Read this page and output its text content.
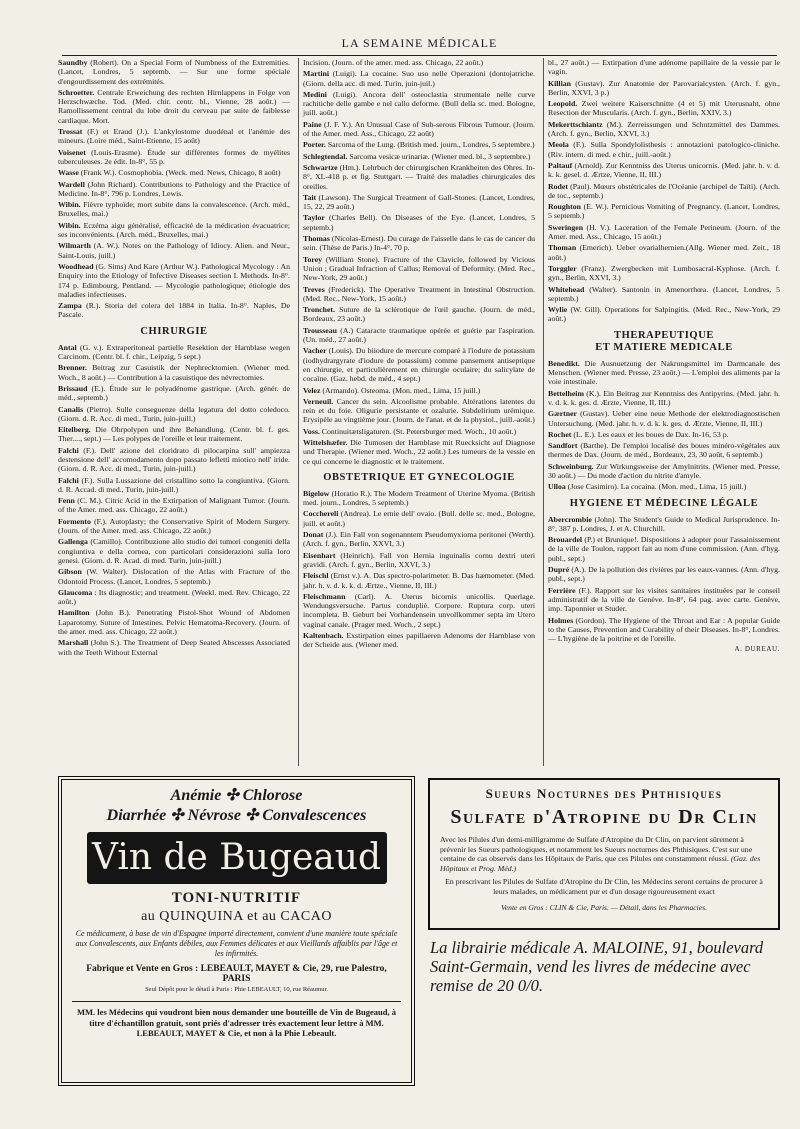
LA SEMAINE MÉDICALE
Saundby (Robert). On a Special Form of Numbness of the Extremities. (Lancet, Londres, 5 septemb. — Sur une forme spéciale d'engourdissement des extrémités.
Schroetter. Centrale Erweichung des rechten Hirnlappens in Folge von Herzschwæche. Tod. (Med. chir. centr. bl., Vienne, 28 août.) — Ramollissement central du lobe droit du cerveau par suite de faiblesse cardiaque. Mort.
Trossat (F.) et Eraud (J.). L'ankylostome duodénal et l'anémie des mineurs. (Loire méd., Saint-Etienne, 15 août)
Voisenet (Louis-Erasme). Étude sur différentes formes de myélites tuberculeuses. 2e édit. In-8°, 55 p.
Wasse (Frank W.). Cosmophobia. (Weck. med. News, Chicago, 8 août)
Wardell (John Richard). Contributions to Pathology and the Practice of Medicine. In-8°, 796 p. Londres, Lewis.
Wibin. Fièvre typhoïde; mort subite dans la convalescence. (Arch. méd., Bruxelles, mai.)
Wibin. Eczéma aigu généralisé, efficacité de la médication évacuatrice; ses inconvénients. (Arch. méd., Bruxelles, mai.)
Wilmarth (A. W.). Notes on the Pathology of Idiocy. Alien. and Neur., Saint-Louis, juill.)
Woodhead (G. Sims) And Kare (Arthur W.). Pathological Mycology : An Enquiry into the Etiology of Infective Diseases section I. Methods. In-8°. 174 p. Edimbourg, Pentland. — Mycologie pathologique; étiologie des maladies infectieuses.
Zampa (R.). Storia del colera del 1884 in Italia. In-8°. Naples, De Pascale.
CHIRURGIE
Antal (G. v.). Extraperitoneal partielle Resektion der Harnblase wegen Carcinom. (Centr. bl. f. chir., Leipzig, 5 sept.)
Brenner. Beitrag zur Casuistik der Nephrecktomien. (Wiener med. Woch., 8 août.) — Contribution à la casuistique des névrectomies.
Brissaud (E.). Étude sur le polyadénome gastrique. (Arch. génér. de méd., septemb.)
Canalis (Pietro). Sulle conseguenze della legatura del dotto coledoco. (Giorn. d. R. Acc. di med., Turin, juin-juill.)
Eitelberg. Die Ohrpolypen und ihre Behandlung. (Centr. bl. f. ges. Ther...., sept.) — Les polypes de l'oreille et leur traitement.
Falchi (F.). Dell' azione del cloridrato di pilocarpina sull' ampiezza destensione dell' accomodamento dopo passato lefletti miotico nell' iride. (Giorn. d. R. Acc. di med., Turin, juin-juill.)
Falchi (F.). Sulla Lussazione del cristallino sotto la congiuntiva. (Giorn. d. R. Accad. di med., Turin, juin-juill.)
Fenn (C. M.). Citric Acid in the Extirpation of Malignant Tumor. (Journ. of the Amer. med. ass. Chicago, 22 août.)
Formento (F.). Autoplasty; the Conservative Spirit of Modern Surgery. (Journ. of the Amer. med. ass. Chicago, 22 août.)
Gallenga (Camillo). Contribuzione allo studio dei tumori congeniti della congiuntiva e della cornea, con particolari considerazioni sulla loro genesi. (Giorn. d. R. Acad. di med. Turin, juin-juill.)
Gibson (W. Walter). Dislocation of the Atlas with Fracture of the Odontoid Process. (Lancet, Londres, 5 septemb.)
Glaucoma : Its diagnostic; and treatment. (Weekl. med. Rev. Chicago, 22 août.)
Hamilton (John B.). Penetrating Pistol-Shot Wound of Abdomen Laparotomy. Suture of Intestines. Pelvic Hematoma-Recovery. (Journ. of the amer. med. ass. Chicago, 22 août.)
Marshall (John S.). The Treatment of Deep Seated Abscesses Associated with the Teeth Without External
Incision. (Journ. of the amer. med. ass. Chicago, 22 août.)
Martini (Luigi). La cocaine. Suo uso nelle Operazioni (dontojatriche. (Giorn. della acc. di med. Turin, juin-juil.)
Medini (Luigi). Ancora dell' osteoclastia strumentale nelle curve rachitiche delle gambe e nel callo deforme. (Bull della sc. med. Bologne, juill. août.)
Paine (J. F. Y.). An Unusual Case of Sub-serous Fibrous Tumour. (Journ. of the Amer. med. Ass., Chicago, 22 août)
Porter. Sarcoma of the Lung. (British med. journ., Londres, 5 septembre.)
Schlegtendal. Sarcoma vesicæ urinariæ. (Wiener med. bl., 3 septembre.)
Schwartze (Hm.). Lehrbuch der chirurgischen Krankheiten des Ohres. In-8°, XL-418 p. et fig. Stuttgart. — Traité des maladies chirurgicales des oreilles.
Tait (Lawson). The Surgical Treatment of Gall-Stones. (Lancet, Londres, 15, 22, 29 août.)
Taylor (Charles Bell). On Diseases of the Eye. (Lancet, Londres, 5 septemb.)
Thomas (Nicolas-Ernest). Du curage de l'aisselle dans le cas de cancer du sein. (Thèse de Paris.) In-4°, 70 p.
Torey (William Stone). Fracture of the Clavicle, followed by Vicious Union ; Gradual Infraction of Callus; Removal of Deformity. (Med. Rec., New-York, 29 août.)
Treves (Frederick). The Operative Treatment in Intestinal Obstruction. (Med. Rec., New-York, 15 août.)
Tronchet. Suture de la sclérotique de l'œil gauche. (Journ. de méd., Bordeaux, 23 août.)
Trousseau (A.) Cataracte traumatique opérée et guérie par l'aspiration. (Un. méd., 27 août.)
Vacher (Louis). Du biiodure de mercure comparé à l'iodure de potassium (iodhydrargyrate d'iodure de potassium) comme pansement antiseptique en chirurgie, et particulièrement en chirurgie oculaire; du salicylate de cocaïne. (Gaz. hebd. de méd., 4 sept.)
Velez (Armando). Osteoma. (Mon. med., Lima, 15 juill.)
Verneuil. Cancer du sein. Alcoolisme probable. Altérations latentes du rein et du foie. Oligurie persistante et ozalurie. Subdelirium urémique. Erysipèle au vingtième jour. (Journ. de l'anat. et de la physiol., juill.-août.)
Voss. Continuitætsligaturen. (St. Petersburger med. Woch., 10 août.)
Wittelshæfer. Die Tumosen der Harnblase mit Ruecksicht auf Diagnose und Therapie. (Wiener med. Woch., 22 août.) Les tumeurs de la vessie en ce qui concerne le diagnostic et le traitement.
OBSTETRIQUE ET GYNECOLOGIE
Bigelow (Horatio R.). The Modern Treatment of Uterine Myoma. (British med. journ., Londres, 5 septemb.)
Cocchereli (Andrea). Le ernie dell' ovaio. (Bull. delle sc. med., Bologne, juill. et août.)
Donat (J.). Ein Fall von sogenanntem Pseudomyxioma peritonei (Werth). (Arch. f. gyn., Berlin, XXVI, 3.)
Eisenhart (Heinrich). Fall von Hernia inguinalis cornu dextri uteri gravidi. (Arch. f. gyn., Berlin, XXVI, 3.)
Fleischl (Ernst v.). A. Das spectro-polarimeter. B. Das hæmometer. (Med. jahr. h. v. d. k. k. d. Ærtze., Vienne, II, III.)
Fleischmann (Carl). A. Uterus bicornis unicollis. Querlage. Wendungsversuche. Partus condupliè. Corpore. Ruptura corp. uteri incompleta. B. Geburt bei Vorhandensein unvollkommer septa im Utero vaginal canale. (Prager med. Woch., 2 sept.)
Kaltenbach. Exstirpation eines papillaeren Adenoms der Harnblase von der Scheide aus. (Wiener med.
bl., 27 août.) — Extirpation d'une adénome papillaire de la vessie par le vagin.
Killian (Gustav). Zur Anatomie der Parovarialcysten. (Arch. f. gyn., Berlin, XXVI, 3 p.)
Leopold. Zwei weitere Kaiserschnitte (4 et 5) mit Uterusnaht, ohne Resection der Muscularis. (Arch. f. gyn., Berlin, XXIV, 3.)
Mekerttschiantz (M.). Zerreissungen und Schutzmittel des Dammes. (Arch. f. gyn., Berlin, XXVI, 3.)
Meola (F.). Sulla Spondylolisthesis : annotazioni patologico-cliniche. (Riv. intern. di med. e chir., juill.-août.)
Paltauf (Arnold). Zur Kenntniss des Uterus unicornis. (Med. jahr. h. v. d. k. k. gesel. d. Ærtze, Vienne, II, III.)
Rodet (Paul). Mœurs obstétricales de l'Océanie (archipel de Taïti). (Arch. de toc., septemb.)
Roughton (E. W.). Pernicious Vomiting of Pregnancy. (Lancet, Londres, 5 septemb.)
Sweringen (H. V.). Laceration of the Female Perineum. (Journ. of the Amer. med. Ass., Chicago, 15 août.)
Thoman (Emerich). Ueber ovarialhernien.(Allg. Wiener med. Zeit., 18 août.)
Torggler (Franz). Zwergbecken mit Lumbosacral-Kyphose. (Arch. f. gyn., Berlin, XXVI, 3.)
Whitehead (Walter). Santonin in Amenorrhœa. (Lancet, Londres, 5 septemb.)
Wylie (W. Gill). Operations for Salpingitis. (Med. Rec., New-York, 29 août.)
THERAPEUTIQUE
ET MATIERE MEDICALE
Benedikt. Die Ausnuetzung der Nakrungsmittel im Darmcanale des Menschen. (Wiener med. Presse, 23 août.) — L'emploi des aliments par la voie intestinale.
Bettelheim (K.). Ein Beitrag zur Kenntniss des Antipyrins. (Med. jahr. h. v. d. k. k. ges. d. Ærzte, Vienne, II, III.)
Gærtner (Gustav). Ueber eine neue Methode der elektrodiagnostischen Untersuchung. (Med. jahr. h. v. d. k. k. ges. d. Ærzte, Vienne, II, III.)
Rochet (L. E.). Les eaux et les boues de Dax. In-16, 53 p.
Sandfort (Barthe). De l'emploi localisé des boues minéro-végétales aux thermes de Dax. (Journ. de méd., Bordeaux, 23, 30 août, 6 septemb.)
Schweinburg. Zur Wirkungsweise der Amylnitrits. (Wiener med. Presse, 30 août.) — Du mode d'action du nitrite d'amyle.
Ulloa (Jose Casimiro). La cocaina. (Mon. med., Lima, 15 juill.)
HYGIENE ET MÉDECINE LÉGALE
Abercrombie (John). The Student's Guide to Medical Jurisprudence. In-8°, 387 p. Londres, J. et A. Churchill.
Brouardel (P.) et Brunique!. Dispositions à adopter pour l'assainissement de la ville de Toulon, rapport fait au nom d'une commission. (Ann. d'hyg. publ., sept.)
Dupré (A.). De la pollution des rivières par les eaux-vannes. (Ann. d'hyg. publ., sept.)
Ferrière (F.). Rapport sur les visites sanitaires instituées par le conseil administratif de la ville de Genève. In-8°, 64 pag. avec carte. Genève, imp. Taponnier et Studer.
Holmes (Gordon). The Hygiene of the Throat and Ear : A popular Guide to the Causes, Prevention and Curability of their Diseases. In-8°, Londres. — L'hygiène de la poitrine et de l'oreille.
A. DUREAU.
Anémie ✣ Chlorose
Diarrhée ✣ Névrose ✣ Convalescences
Vin de Bugeaud
TONI-NUTRITIF
au QUINQUINA et au CACAO
Ce médicament, à base de vin d'Espagne importé directement, convient d'une manière toute spéciale aux Convalescents, aux Enfants débiles, aux Femmes délicates et aux Vieillards affaiblis par l'âge et les infirmités.
Fabrique et Vente en Gros : LEBEAULT, MAYET & Cie, 29, rue Palestro, PARIS
Seul Dépôt pour le détail à Paris : Phie LEBEAULT, 10, rue Réaumur.
MM. les Médecins qui voudront bien nous demander une bouteille de Vin de Bugeaud, à titre d'échantillon gratuit, sont priés d'adresser très exactement leur lettre à MM. LEBEAULT, MAYET & Cie, et non à la Phie Lebeault.
Sueurs Nocturnes des Phthisiques
Sulfate d'Atropine du Dr Clin
Avec les Pilules d'un demi-milligramme de Sulfate d'Atropine du Dr Clin, on parvient sûrement à prévenir les Sueurs pathologiques, et notamment les Sueurs nocturnes des Phthisiques. C'est sur une centaine de cas observés dans les Hôpitaux de Paris, que ces Pilules ont constamment réussi. (Gaz. des Hôpitaux et Prog. Méd.)
En prescrivant les Pilules de Sulfate d'Atropine du Dr Clin, les Médecins seront certains de procurer à leurs malades, un médicament pur et d'un dosage rigoureusement exact
Vente en Gros : CLIN & Cie, Paris. — Détail, dans les Pharmacies.
La librairie médicale A. MALOINE, 91, boulevard Saint-Germain, vend les livres de médecine avec remise de 20 0/0.
